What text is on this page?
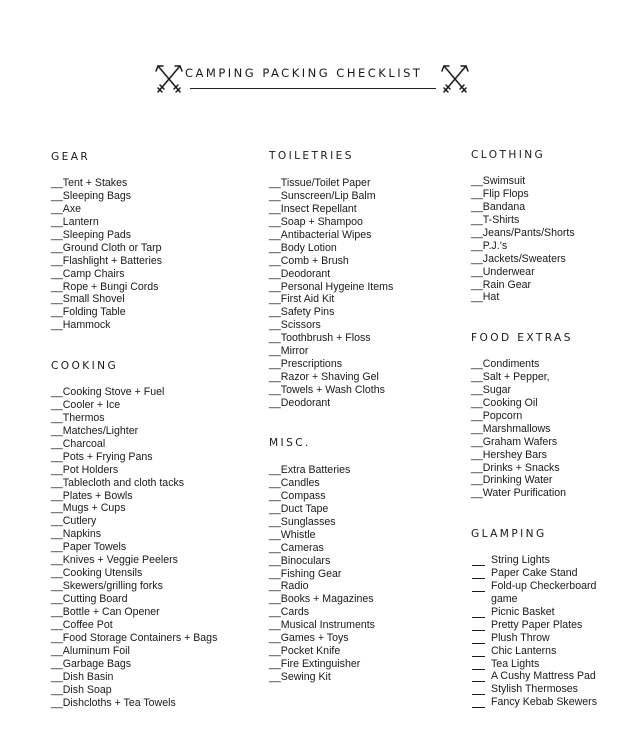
CAMPING PACKING CHECKLIST
GEAR
__Tent + Stakes
__Sleeping Bags
__Axe
__Lantern
__Sleeping Pads
__Ground Cloth or Tarp
__Flashlight + Batteries
__Camp Chairs
__Rope + Bungi Cords
__Small Shovel
__Folding Table
__Hammock
COOKING
__Cooking Stove + Fuel
__Cooler + Ice
__Thermos
__Matches/Lighter
__Charcoal
__Pots + Frying Pans
__Pot Holders
__Tablecloth and cloth tacks
__Plates + Bowls
__Mugs + Cups
__Cutlery
__Napkins
__Paper Towels
__Knives + Veggie Peelers
__Cooking Utensils
__Skewers/grilling forks
__Cutting Board
__Bottle + Can Opener
__Coffee Pot
__Food Storage Containers + Bags
__Aluminum Foil
__Garbage Bags
__Dish Basin
__Dish Soap
__Dishcloths + Tea Towels
TOILETRIES
__Tissue/Toilet Paper
__Sunscreen/Lip Balm
__Insect Repellant
__Soap + Shampoo
__Antibacterial Wipes
__Body Lotion
__Comb + Brush
__Deodorant
__Personal Hygeine Items
__First Aid Kit
__Safety Pins
__Scissors
__Toothbrush + Floss
__Mirror
__Prescriptions
__Razor + Shaving Gel
__Towels + Wash Cloths
__Deodorant
MISC.
__Extra Batteries
__Candles
__Compass
__Duct Tape
__Sunglasses
__Whistle
__Cameras
__Binoculars
__Fishing Gear
__Radio
__Books + Magazines
__Cards
__Musical Instruments
__Games + Toys
__Pocket Knife
__Fire Extinguisher
__Sewing Kit
CLOTHING
__Swimsuit
__Flip Flops
__Bandana
__T-Shirts
__Jeans/Pants/Shorts
__P.J.’s
__Jackets/Sweaters
__Underwear
__Rain Gear
__Hat
FOOD EXTRAS
__Condiments
__Salt + Pepper,
__Sugar
__Cooking Oil
__Popcorn
__Marshmallows
__Graham Wafers
__Hershey Bars
__Drinks + Snacks
__Drinking Water
__Water Purification
GLAMPING
String Lights
Paper Cake Stand
Fold-up Checkerboard
game
Picnic Basket
Pretty Paper Plates
Plush Throw
Chic Lanterns
Tea Lights
A Cushy Mattress Pad
Stylish Thermoses
Fancy Kebab Skewers
